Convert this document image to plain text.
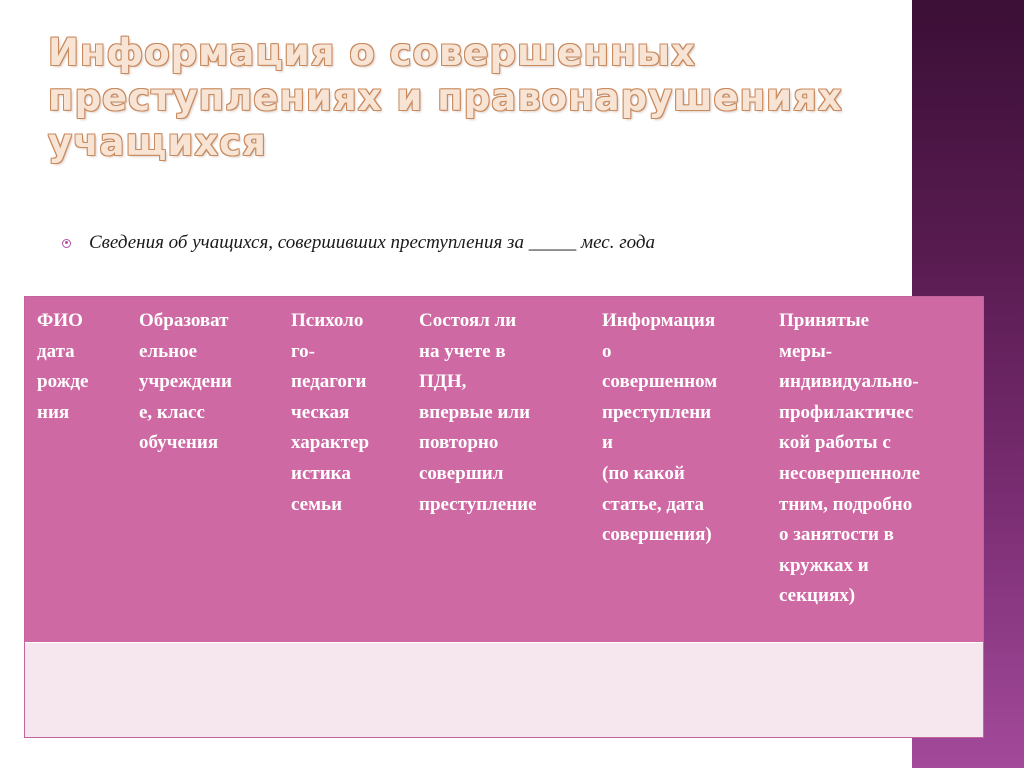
Информация о совершенных преступлениях и правонарушениях учащихся
Сведения об учащихся, совершивших преступления за _____ мес. года
ФИО
дата
рожде
ния
Образоват
ельное
учреждени
е, класс
обучения
Психоло
го-
педагоги
ческая
характер
истика
семьи
Состоял ли
на учете в
ПДН,
впервые или
повторно
совершил
преступление
Информация
о
совершенном
преступлени
и
(по какой
статье, дата
совершения)
Принятые
меры-
индивидуально-
профилактичес
кой работы с
несовершенноле
тним, подробно
о занятости в
кружках и
секциях)
